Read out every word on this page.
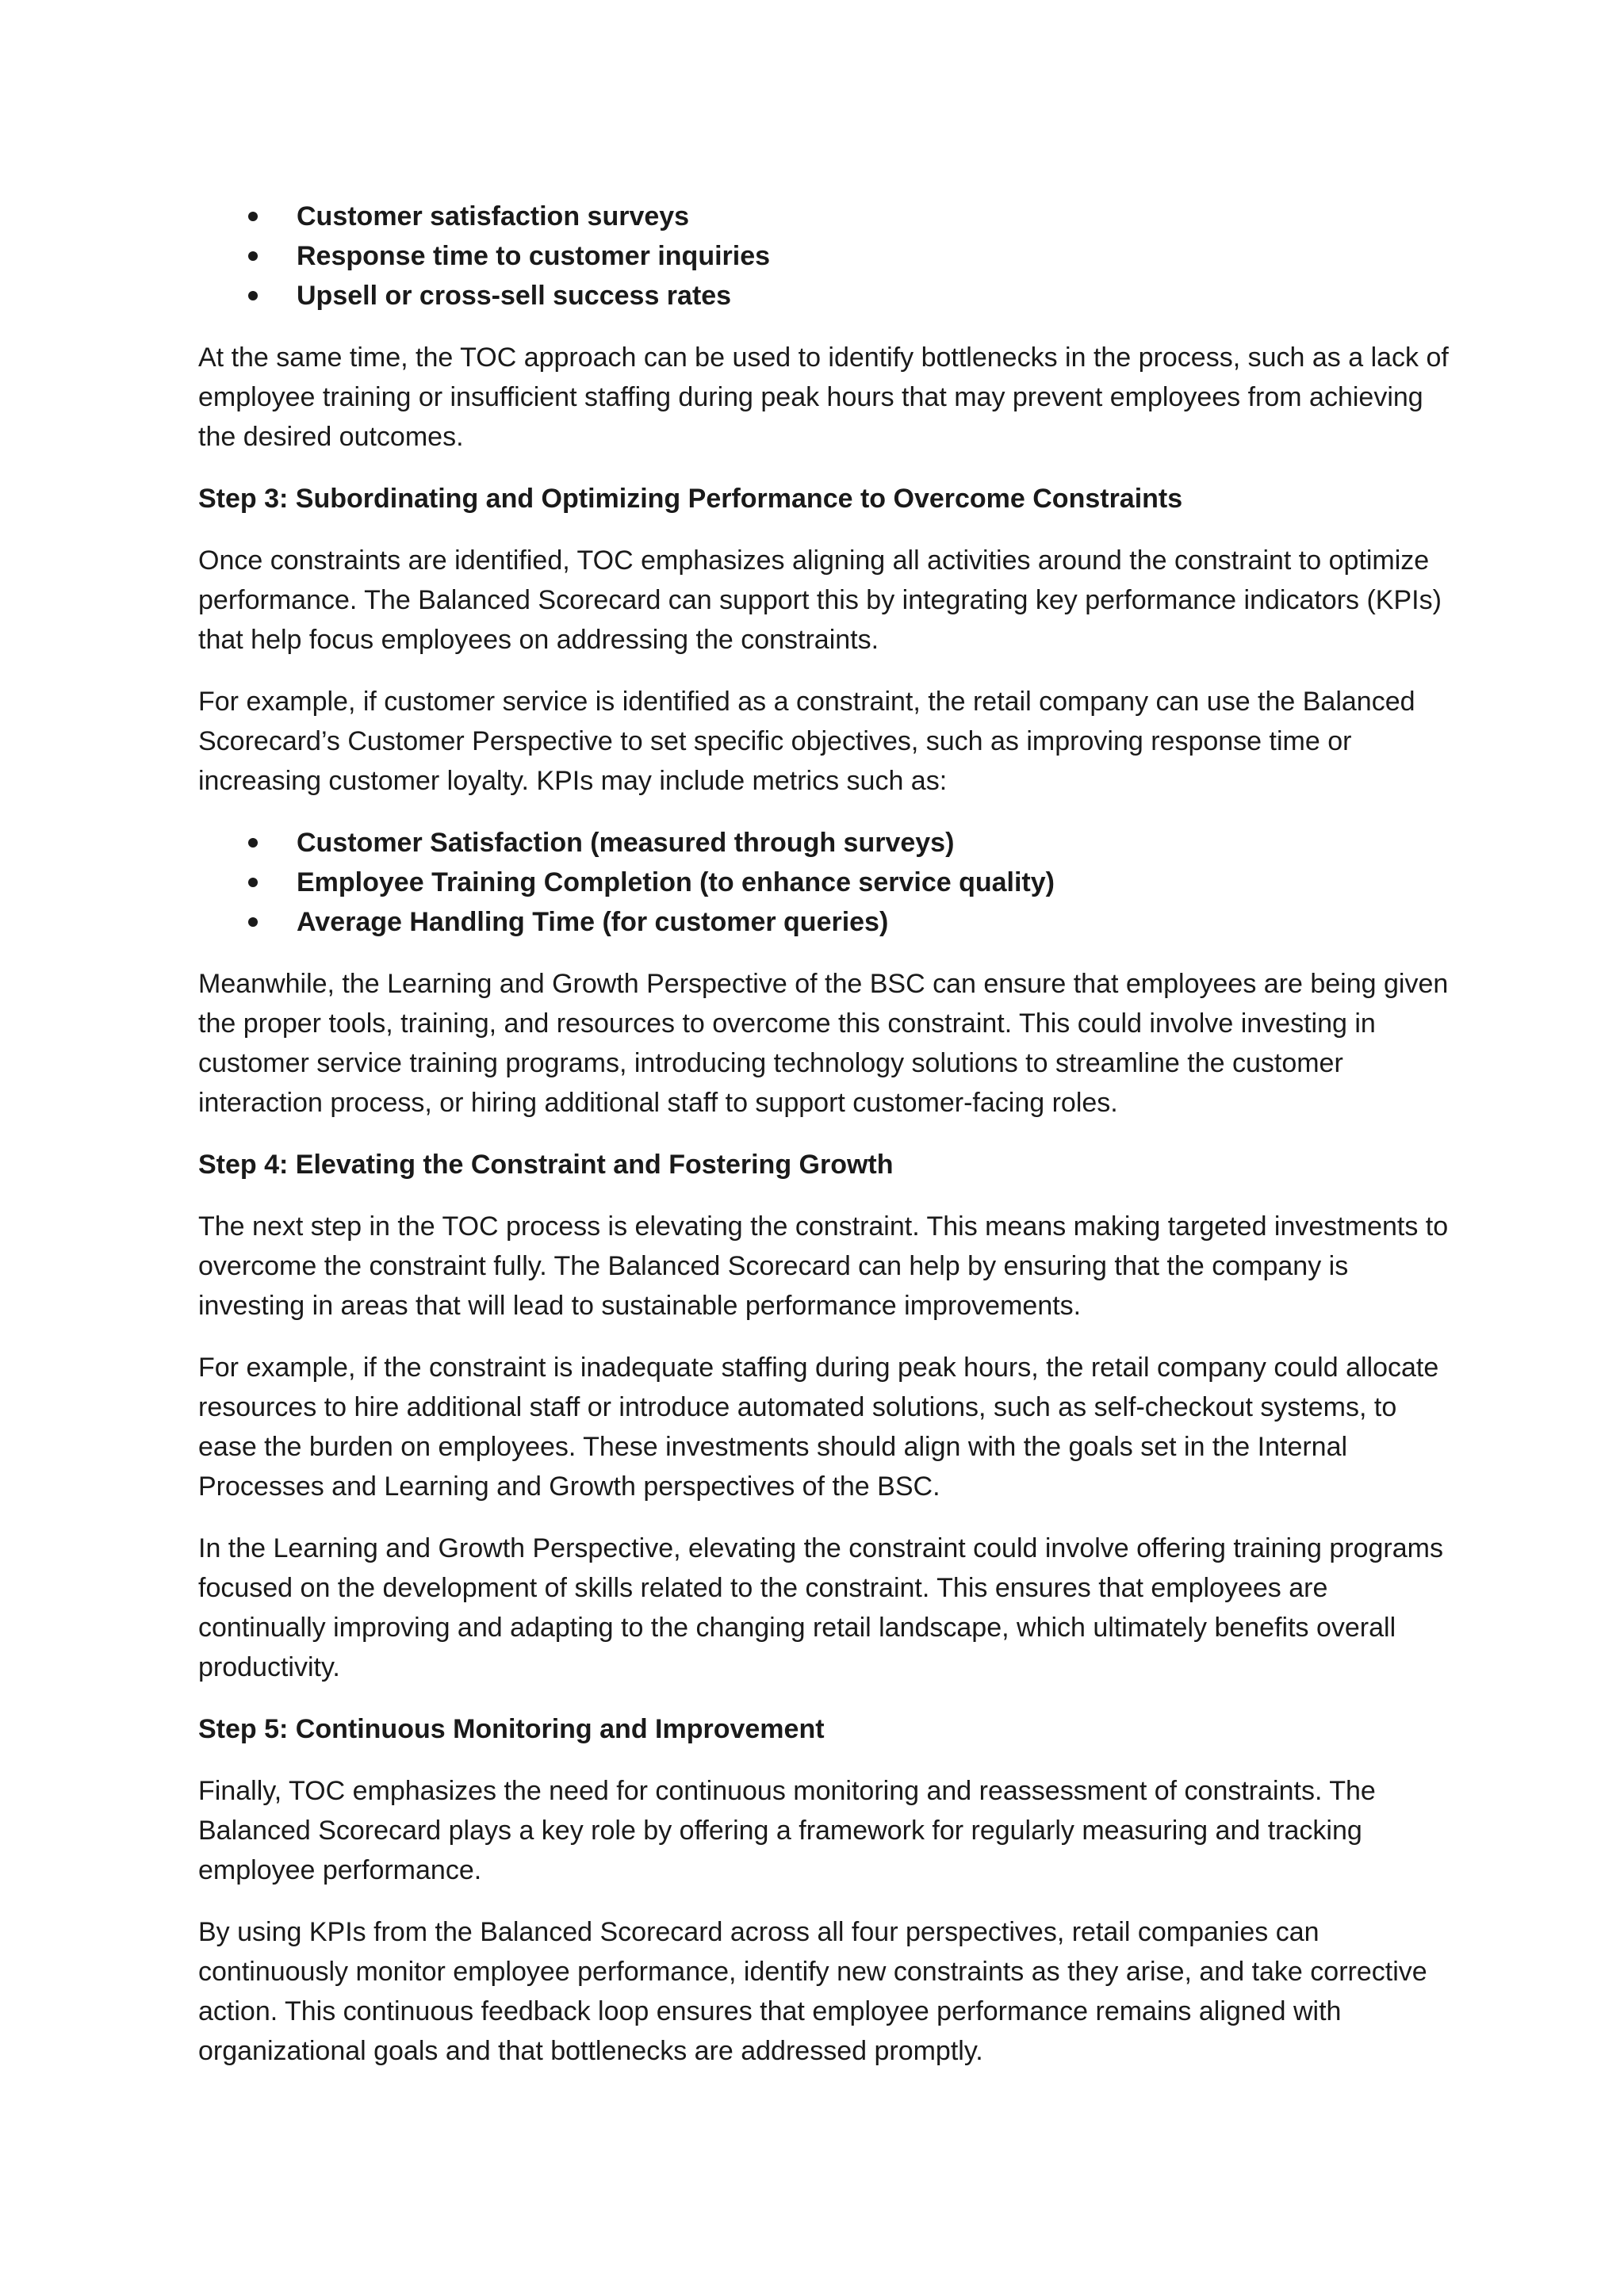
Customer satisfaction surveys
Response time to customer inquiries
Upsell or cross-sell success rates

At the same time, the TOC approach can be used to identify bottlenecks in the process, such as a lack of employee training or insufficient staffing during peak hours that may prevent employees from achieving the desired outcomes.

Step 3: Subordinating and Optimizing Performance to Overcome Constraints

Once constraints are identified, TOC emphasizes aligning all activities around the constraint to optimize performance. The Balanced Scorecard can support this by integrating key performance indicators (KPIs) that help focus employees on addressing the constraints.

For example, if customer service is identified as a constraint, the retail company can use the Balanced Scorecard’s Customer Perspective to set specific objectives, such as improving response time or increasing customer loyalty. KPIs may include metrics such as:

Customer Satisfaction (measured through surveys)
Employee Training Completion (to enhance service quality)
Average Handling Time (for customer queries)

Meanwhile, the Learning and Growth Perspective of the BSC can ensure that employees are being given the proper tools, training, and resources to overcome this constraint. This could involve investing in customer service training programs, introducing technology solutions to streamline the customer interaction process, or hiring additional staff to support customer-facing roles.

Step 4: Elevating the Constraint and Fostering Growth

The next step in the TOC process is elevating the constraint. This means making targeted investments to overcome the constraint fully. The Balanced Scorecard can help by ensuring that the company is investing in areas that will lead to sustainable performance improvements.

For example, if the constraint is inadequate staffing during peak hours, the retail company could allocate resources to hire additional staff or introduce automated solutions, such as self-checkout systems, to ease the burden on employees. These investments should align with the goals set in the Internal Processes and Learning and Growth perspectives of the BSC.

In the Learning and Growth Perspective, elevating the constraint could involve offering training programs focused on the development of skills related to the constraint. This ensures that employees are continually improving and adapting to the changing retail landscape, which ultimately benefits overall productivity.

Step 5: Continuous Monitoring and Improvement

Finally, TOC emphasizes the need for continuous monitoring and reassessment of constraints. The Balanced Scorecard plays a key role by offering a framework for regularly measuring and tracking employee performance.

By using KPIs from the Balanced Scorecard across all four perspectives, retail companies can continuously monitor employee performance, identify new constraints as they arise, and take corrective action. This continuous feedback loop ensures that employee performance remains aligned with organizational goals and that bottlenecks are addressed promptly.
